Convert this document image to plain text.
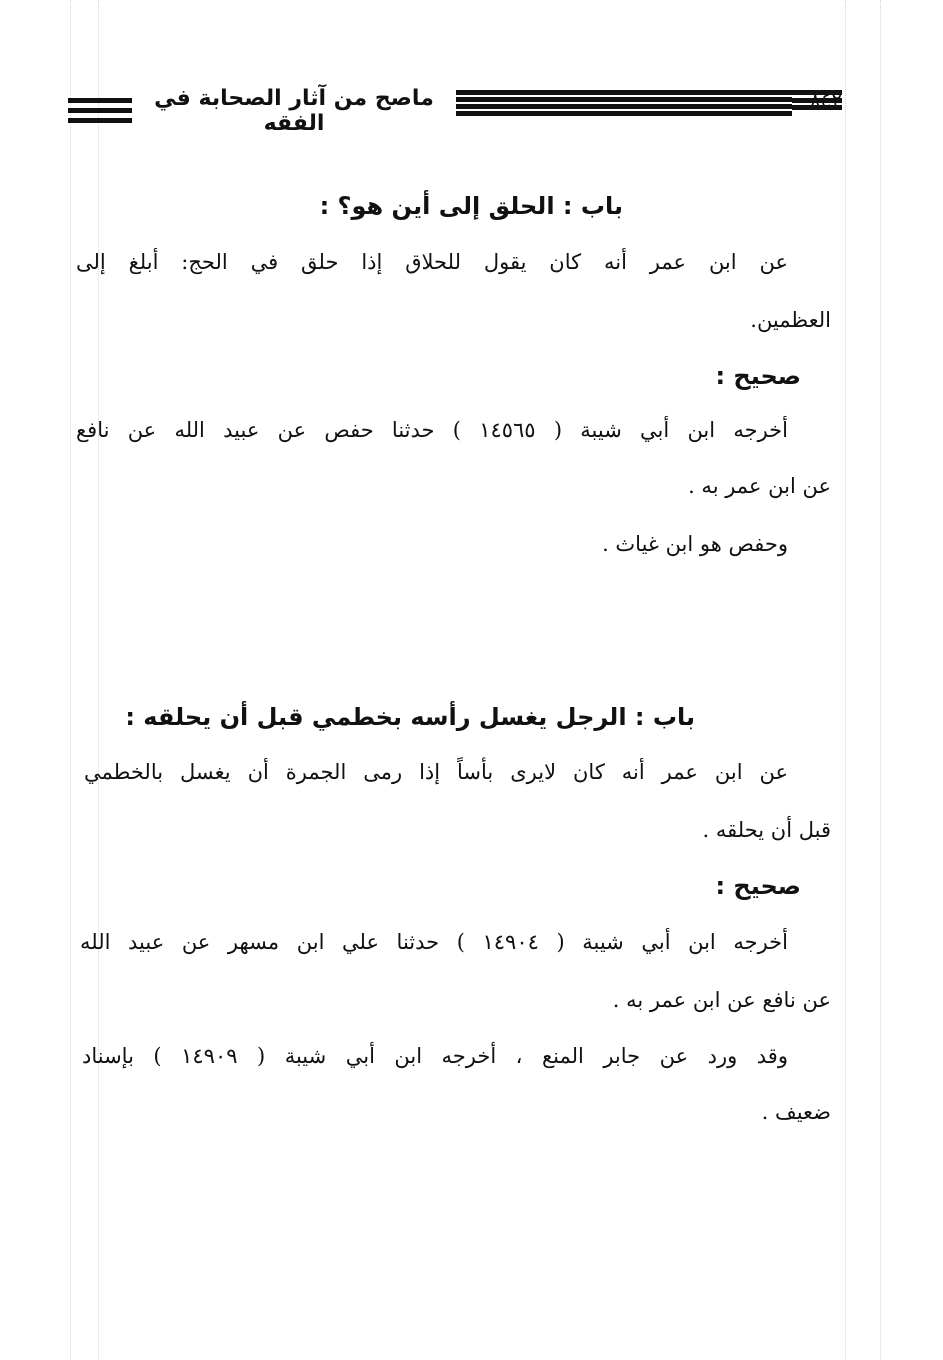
ماصح من آثار الصحابة في الفقه
باب : الحلق إلى أين هو؟ :
عن ابن عمر أنه كان يقول للحلاق إذا حلق في الحج: أبلغ إلى
العظمين.
صحيح :
أخرجه ابن أبي شيبة ( ١٤٥٦٥ ) حدثنا حفص عن عبيد الله عن نافع
عن ابن عمر به .
وحفص هو ابن غياث .
باب : الرجل يغسل رأسه بخطمي قبل أن يحلقه :
عن ابن عمر أنه كان لايرى بأساً إذا رمى الجمرة أن يغسل بالخطمي
قبل أن يحلقه .
صحيح :
أخرجه ابن أبي شيبة ( ١٤٩٠٤ ) حدثنا علي ابن مسهر عن عبيد الله
عن نافع عن ابن عمر به .
وقد ورد عن جابر المنع ، أخرجه ابن أبي شيبة ( ١٤٩٠٩ ) بإسناد
ضعيف .
